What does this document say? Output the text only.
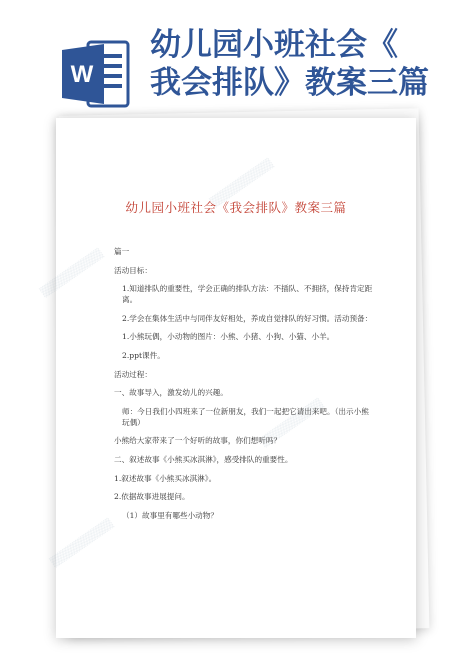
W
幼儿园小班社会《
我会排队》教案三篇
▒▒▒▒▒▒▒▒▒▒▒▒
▒▒▒▒▒▒▒▒▒▒▒▒
▒▒▒▒▒▒▒▒▒▒▒▒
▒▒▒▒▒▒▒▒▒▒▒▒
幼儿园小班社会《我会排队》教案三篇

篇一

活动目标：

1.知道排队的重要性，学会正确的排队方法：不插队、不拥挤，保持肯定距离。

2.学会在集体生活中与同伴友好相处，养成自觉排队的好习惯。活动预备：

1.小熊玩偶，小动物的图片：小熊、小猪、小狗、小猫、小羊。

2.ppt课件。

活动过程：

一、故事导入，激发幼儿的兴趣。

师：今日我们小四班来了一位新朋友，我们一起把它请出来吧。（出示小熊玩偶）

小熊给大家带来了一个好听的故事，你们想听吗？

二、叙述故事《小熊买冰淇淋》，感受排队的重要性。

1.叙述故事《小熊买冰淇淋》。

2.依据故事进展提问。

（1）故事里有哪些小动物？
